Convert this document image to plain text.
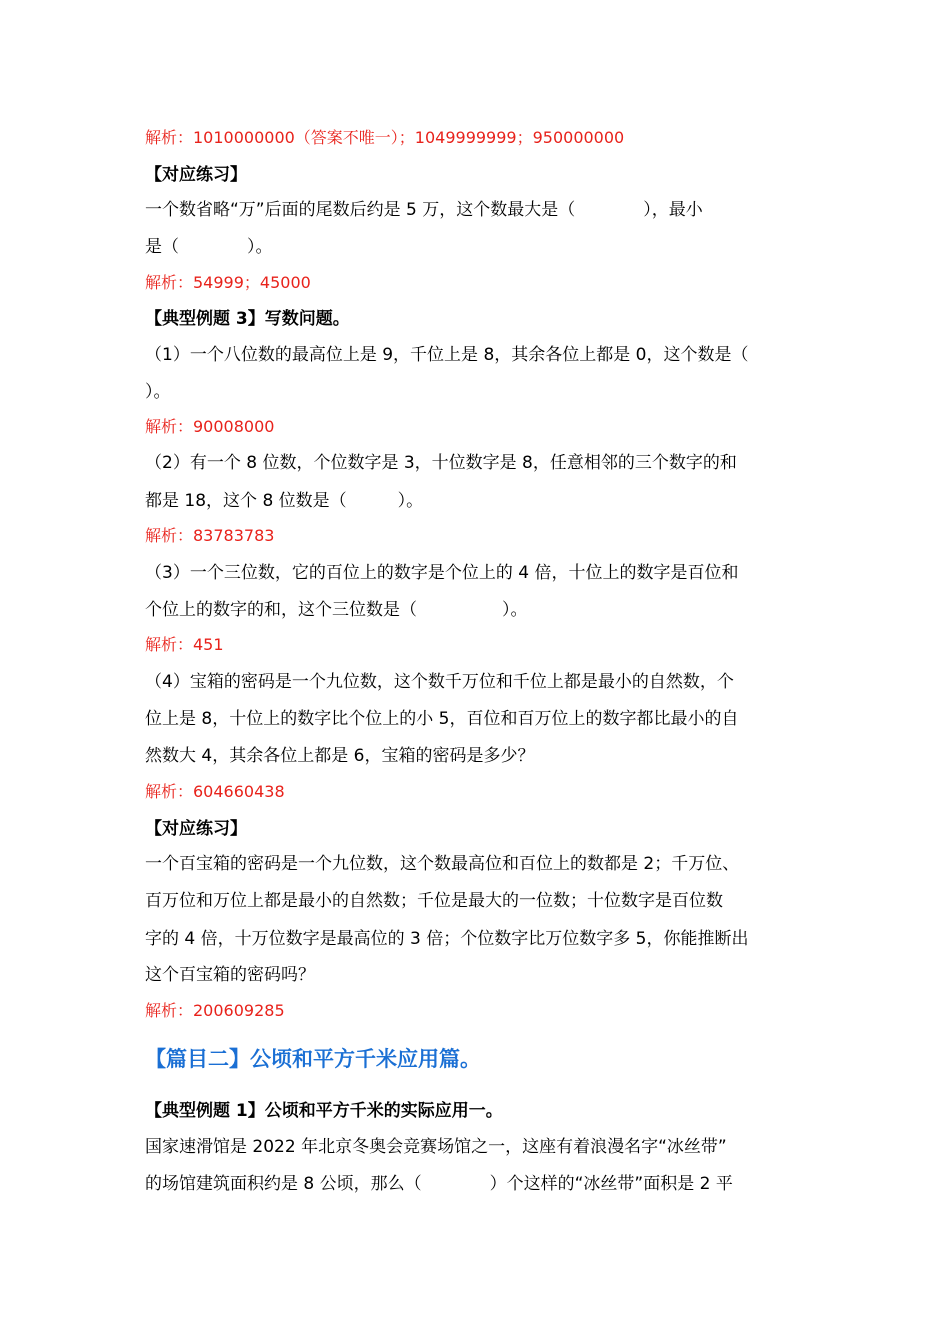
解析：1010000000（答案不唯一）；1049999999；950000000
【对应练习】
一个数省略“万”后面的尾数后约是 5 万，这个数最大是（　　　　），最小
是（　　　　）。
解析：54999；45000
【典型例题 3】写数问题。
（1）一个八位数的最高位上是 9，千位上是 8，其余各位上都是 0，这个数是（
）。
解析：90008000
（2）有一个 8 位数，个位数字是 3，十位数字是 8，任意相邻的三个数字的和
都是 18，这个 8 位数是（　　　）。
解析：83783783
（3）一个三位数，它的百位上的数字是个位上的 4 倍，十位上的数字是百位和
个位上的数字的和，这个三位数是（　　　　　）。
解析：451
（4）宝箱的密码是一个九位数，这个数千万位和千位上都是最小的自然数，个
位上是 8，十位上的数字比个位上的小 5，百位和百万位上的数字都比最小的自
然数大 4，其余各位上都是 6，宝箱的密码是多少？
解析：604660438
【对应练习】
一个百宝箱的密码是一个九位数，这个数最高位和百位上的数都是 2；千万位、
百万位和万位上都是最小的自然数；千位是最大的一位数；十位数字是百位数
字的 4 倍，十万位数字是最高位的 3 倍；个位数字比万位数字多 5，你能推断出
这个百宝箱的密码吗？
解析：200609285
【篇目二】公顷和平方千米应用篇。
【典型例题 1】公顷和平方千米的实际应用一。
国家速滑馆是 2022 年北京冬奥会竞赛场馆之一，这座有着浪漫名字“冰丝带”
的场馆建筑面积约是 8 公顷，那么（　　　　）个这样的“冰丝带”面积是 2 平
